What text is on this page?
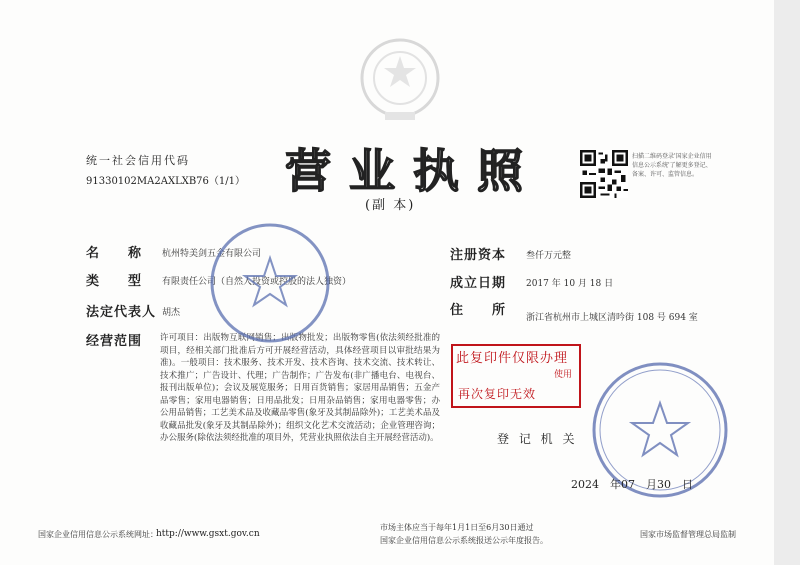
统一社会信用代码
91330102MA2AXLXB76（1/1） 营业执照
(副 本)
扫描二维码登录'国家企业信用信息公示系统'了解更多登记、备案、许可、监管信息。
名　　称 杭州特美剑五金有限公司
类　　型 有限责任公司（自然人投资或控股的法人独资）
法定代表人 胡杰
经营范围 许可项目：出版物互联网销售；出版物批发；出版物零售(依法须经批准的项目，经相关部门批准后方可开展经营活动，具体经营项目以审批结果为准)。一般项目：技术服务、技术开发、技术咨询、技术交流、技术转让、技术推广；广告设计、代理；广告制作；广告发布(非广播电台、电视台、报刊出版单位)；会议及展览服务；日用百货销售；家居用品销售；五金产品零售；家用电器销售；日用品批发；日用杂品销售；家用电器零售；办公用品销售；工艺美术品及收藏品零售(象牙及其制品除外)；工艺美术品及收藏品批发(象牙及其制品除外)；组织文化艺术交流活动；企业管理咨询；办公服务(除依法须经批准的项目外，凭营业执照依法自主开展经营活动)。
注册资本 叁仟万元整
成立日期 2017 年 10 月 18 日
住　　所 浙江省杭州市上城区清吟街 108 号 694 室
此复印件仅限办理
使用
再次复印无效
登 记 机 关
2024　年07　月30　日
国家企业信用信息公示系统网址：
http://www.gsxt.gov.cn
市场主体应当于每年1月1日至6月30日通过
国家企业信用信息公示系统报送公示年度报告。
国家市场监督管理总局监制
